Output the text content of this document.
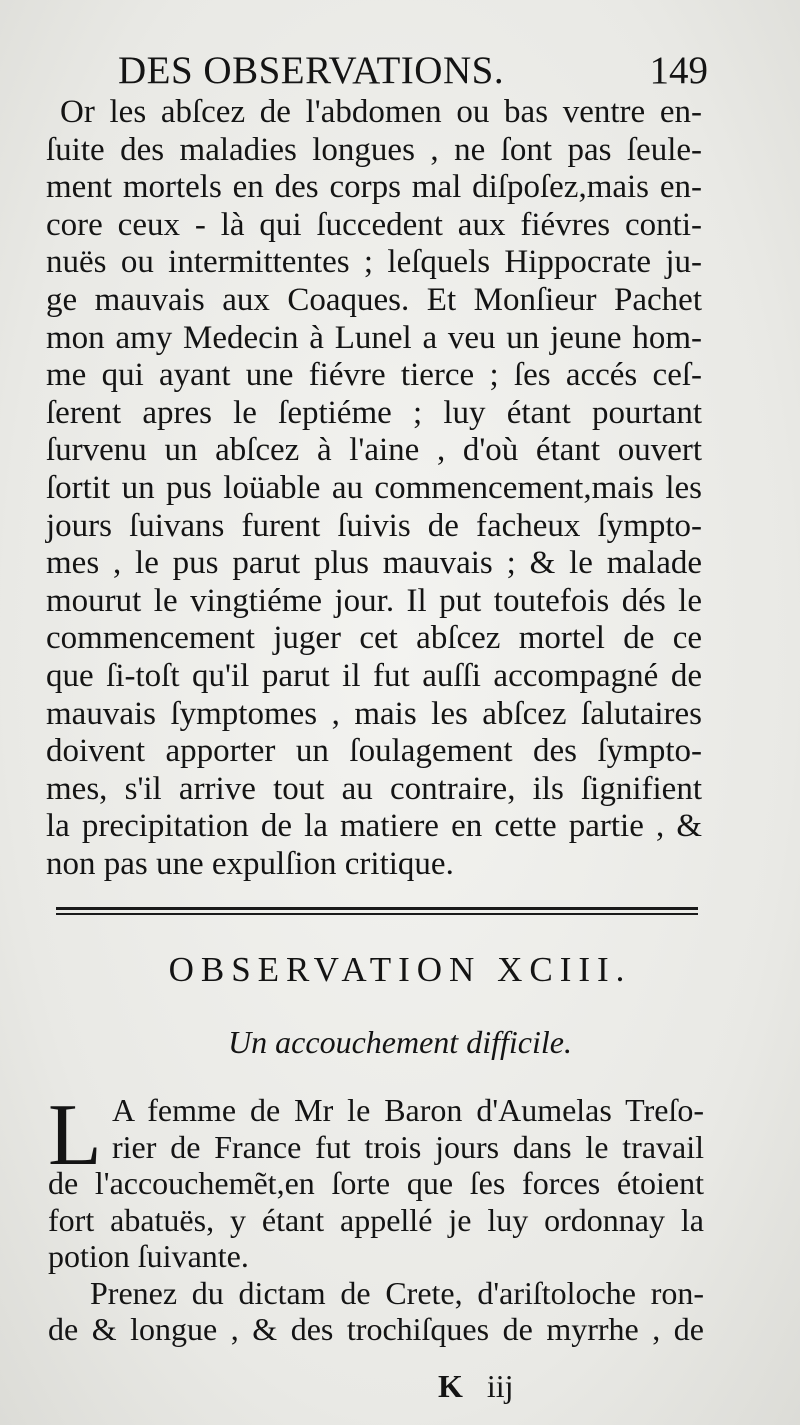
DES OBSERVATIONS.	149
Or les abſcez de l'abdomen ou bas ventre en-
ſuite des maladies longues , ne ſont pas ſeule-
ment mortels en des corps mal diſpoſez,mais en-
core ceux - là qui ſuccedent aux fiévres conti-
nuës ou intermittentes ; leſquels Hippocrate ju-
ge mauvais aux Coaques. Et Monſieur Pachet
mon amy Medecin à Lunel a veu un jeune hom-
me qui ayant une fiévre tierce ; ſes accés ceſ-
ſerent apres le ſeptiéme ; luy étant pourtant
ſurvenu un abſcez à l'aine , d'où étant ouvert
ſortit un pus loüable au commencement,mais les
jours ſuivans furent ſuivis de facheux ſympto-
mes , le pus parut plus mauvais ; & le malade
mourut le vingtiéme jour. Il put toutefois dés le
commencement juger cet abſcez mortel de ce
que ſi-toſt qu'il parut il fut auſſi accompagné de
mauvais ſymptomes , mais les abſcez ſalutaires
doivent apporter un ſoulagement des ſympto-
mes, s'il arrive tout au contraire, ils ſignifient
la precipitation de la matiere en cette partie , &
non pas une expulſion critique.
OBSERVATION XCIII.
Un accouchement difficile.
L A femme de Mr le Baron d'Aumelas Treſo-
rier de France fut trois jours dans le travail
de l'accouchemẽt,en ſorte que ſes forces étoient
fort abatuës, y étant appellé je luy ordonnay la
potion ſuivante.
Prenez du dictam de Crete, d'ariſtoloche ron-
de & longue , & des trochiſques de myrrhe , de
K iij
